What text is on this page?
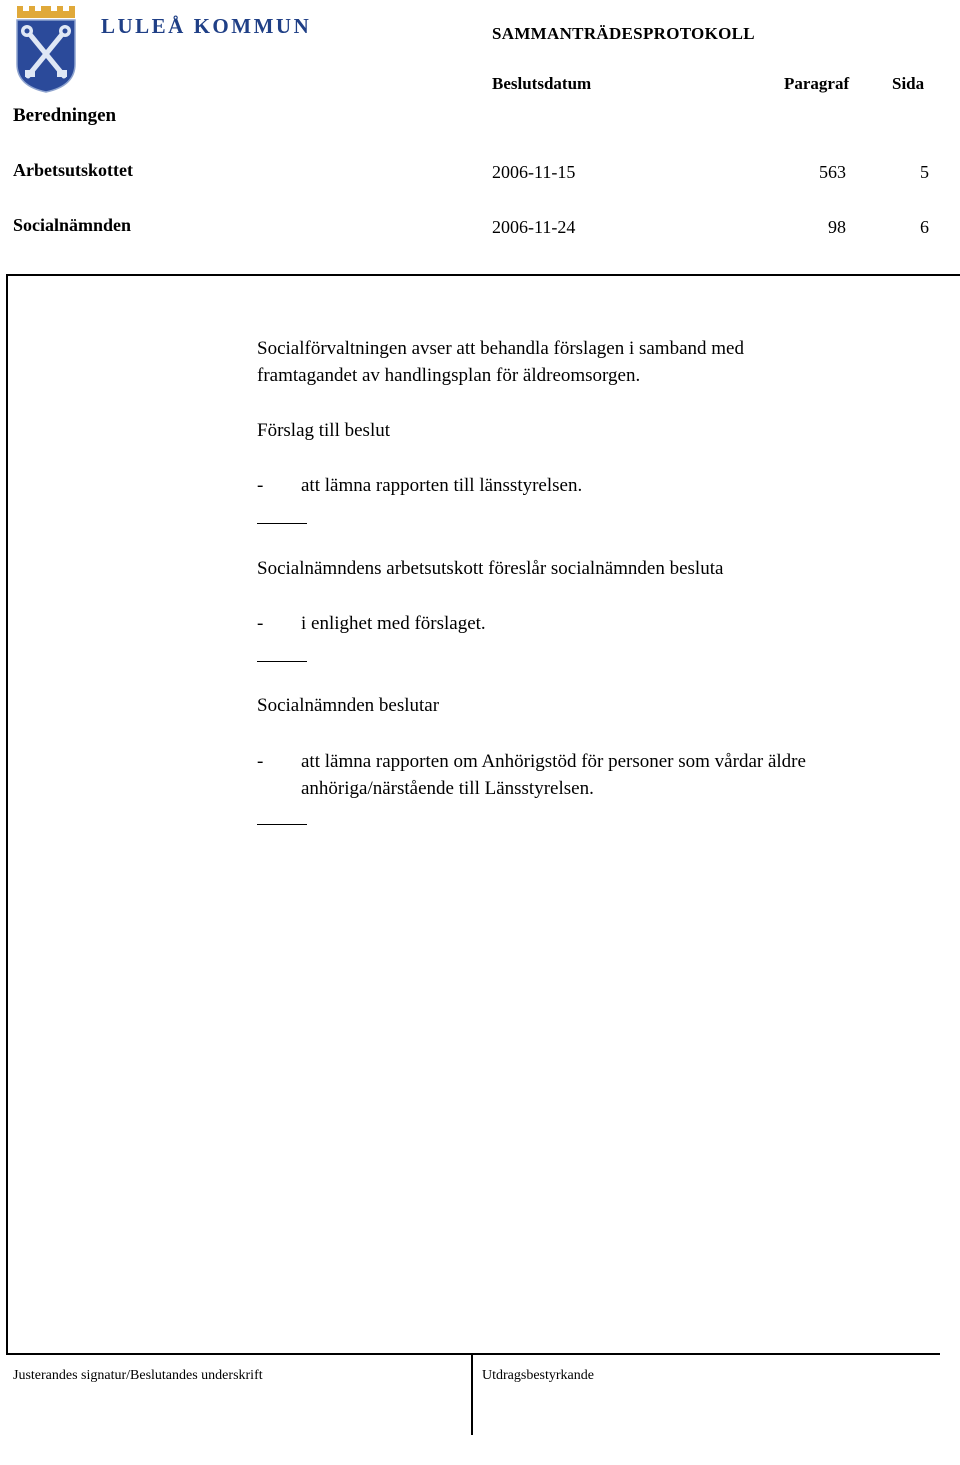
LULEÅ KOMMUN	SAMMANTRÄDESPROTOKOLL
Beslutsdatum	Paragraf	Sida
Beredningen
Arbetsutskottet	2006-11-15	563	5
Socialnämnden	2006-11-24	98	6
Socialförvaltningen avser att behandla förslagen i samband med
framtagandet av handlingsplan för äldreomsorgen.
Förslag till beslut
- att lämna rapporten till länsstyrelsen.
Socialnämndens arbetsutskott föreslår socialnämnden besluta
- i enlighet med förslaget.
Socialnämnden beslutar
- att lämna rapporten om Anhörigstöd för personer som vårdar äldre
anhöriga/närstående till Länsstyrelsen.
Justerandes signatur/Beslutandes underskrift	Utdragsbestyrkande
